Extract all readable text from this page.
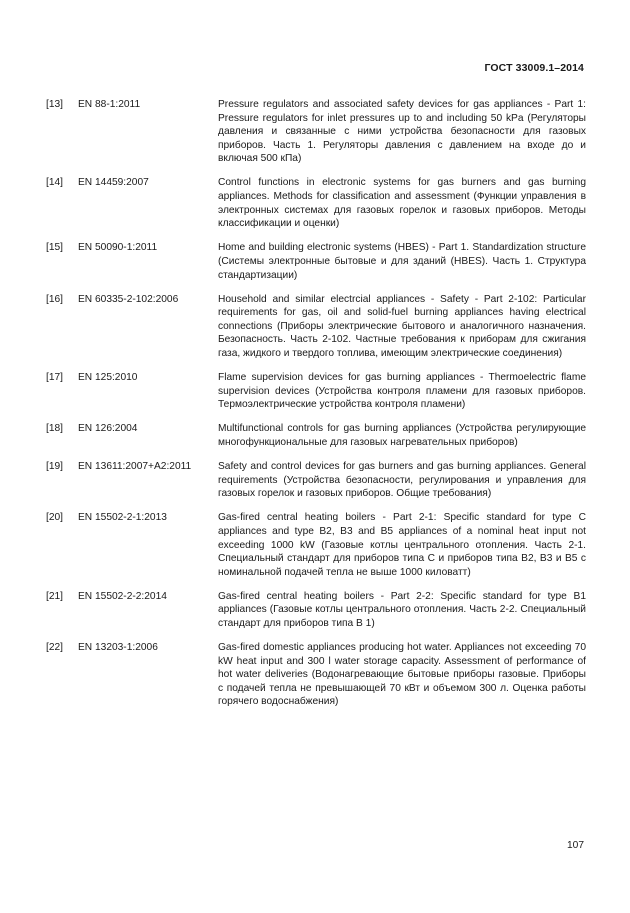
ГОСТ 33009.1–2014
[13]	EN 88-1:2011	Pressure regulators and associated safety devices for gas appliances - Part 1: Pressure regulators for inlet pressures up to and including 50 kPa (Регуляторы давления и связанные с ними устройства безопасности для газовых приборов. Часть 1. Регуляторы давления с давлением на входе до и включая 500 кПа)
[14]	EN 14459:2007	Control functions in electronic systems for gas burners and gas burning appliances. Methods for classification and assessment (Функции управления в электронных системах для газовых горелок и газовых приборов. Методы классификации и оценки)
[15]	EN 50090-1:2011	Home and building electronic systems (HBES) - Part 1. Standardization structure (Системы электронные бытовые и для зданий (HBES). Часть 1. Структура стандартизации)
[16]	EN 60335-2-102:2006	Household and similar electrcial appliances - Safety - Part 2-102: Particular requirements for gas, oil and solid-fuel burning appliances having electrical connections (Приборы электрические бытового и аналогичного назначения. Безопасность. Часть 2-102. Частные требования к приборам для сжигания газа, жидкого и твердого топлива, имеющим электрические соединения)
[17]	EN 125:2010	Flame supervision devices for gas burning appliances - Thermoelectric flame supervision devices (Устройства контроля пламени для газовых приборов. Термоэлектрические устройства контроля пламени)
[18]	EN 126:2004	Multifunctional controls for gas burning appliances (Устройства регулирующие многофункциональные для газовых нагревательных приборов)
[19]	EN 13611:2007+A2:2011	Safety and control devices for gas burners and gas burning appliances. General requirements (Устройства безопасности, регулирования и управления для газовых горелок и газовых приборов. Общие требования)
[20]	EN 15502-2-1:2013	Gas-fired central heating boilers - Part 2-1: Specific standard for type C appliances and type B2, B3 and B5 appliances of a nominal heat input not exceeding 1000 kW (Газовые котлы центрального отопления. Часть 2-1. Специальный стандарт для приборов типа С и приборов типа В2, В3 и В5 с номинальной подачей тепла не выше 1000 киловатт)
[21]	EN 15502-2-2:2014	Gas-fired central heating boilers - Part 2-2: Specific standard for type B1 appliances (Газовые котлы центрального отопления. Часть 2-2. Специальный стандарт для приборов типа В 1)
[22]	EN 13203-1:2006	Gas-fired domestic appliances producing hot water. Appliances not exceeding 70 kW heat input and 300 l water storage capacity. Assessment of performance of hot water deliveries (Водонагревающие бытовые приборы газовые. Приборы с подачей тепла не превышающей 70 кВт и объемом 300 л. Оценка работы горячего водоснабжения)
107
